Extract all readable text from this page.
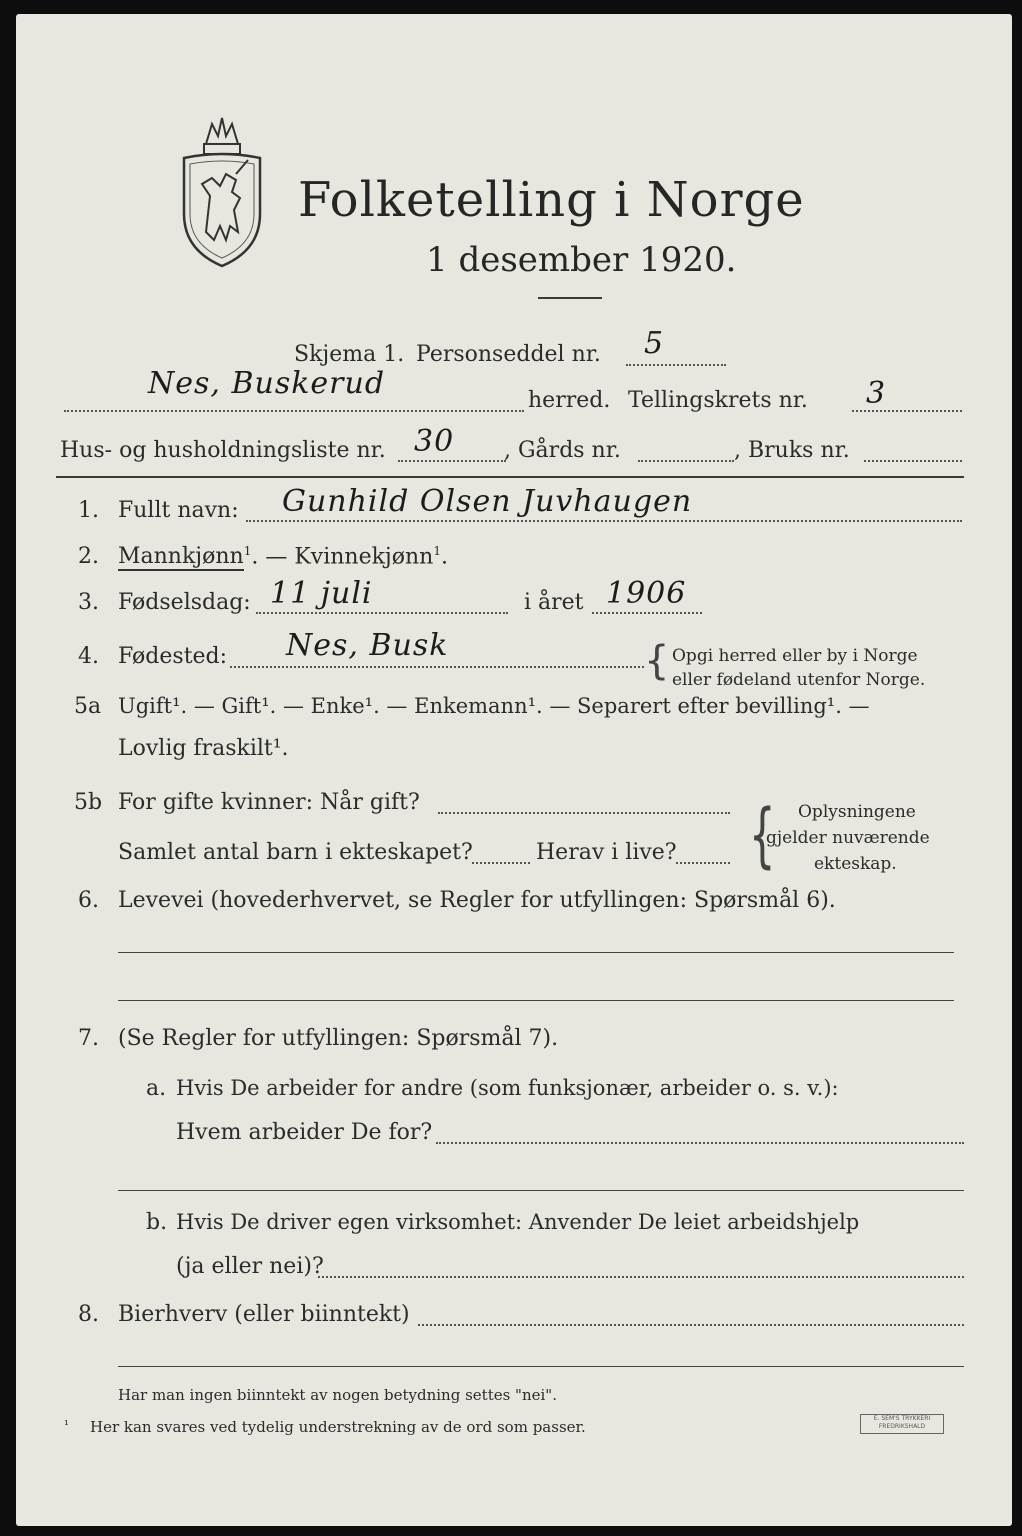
Folketelling i Norge
1 desember 1920.
Skjema 1. Personseddel nr. 5
Nes, Buskerud	herred. Tellingskrets nr. 3
Hus- og husholdningsliste nr. 30 , Gårds nr.	, Bruks nr.
1. Fullt navn: Gunhild Olsen Juvhaugen
2. Mannkjønn$^1$. — Kvinnekjønn$^1$.
3. Fødselsdag: 11 juli	i året 1906
4. Fødested: Nes, Busk	{ Opgi herred eller by i Norge
eller fødeland utenfor Norge.
5a Ugift¹. — Gift¹. — Enke¹. — Enkemann¹. — Separert efter bevilling¹. —
Lovlig fraskilt¹.
5b For gifte kvinner: Når gift?
Samlet antal barn i ekteskapet?	Herav i live? { Oplysningene
gjelder nuværende
ekteskap.
6. Levevei (hovederhvervet, se Regler for utfyllingen: Spørsmål 6).
7. (Se Regler for utfyllingen: Spørsmål 7).
a. Hvis De arbeider for andre (som funksjonær, arbeider o. s. v.):
Hvem arbeider De for?
b. Hvis De driver egen virksomhet: Anvender De leiet arbeidshjelp
(ja eller nei)?
8. Bierhverv (eller biinntekt)
Har man ingen biinntekt av nogen betydning settes "nei".
¹ Her kan svares ved tydelig understrekning av de ord som passer.	E. SEM'S TRYKKERI FREDRIKSHALD
